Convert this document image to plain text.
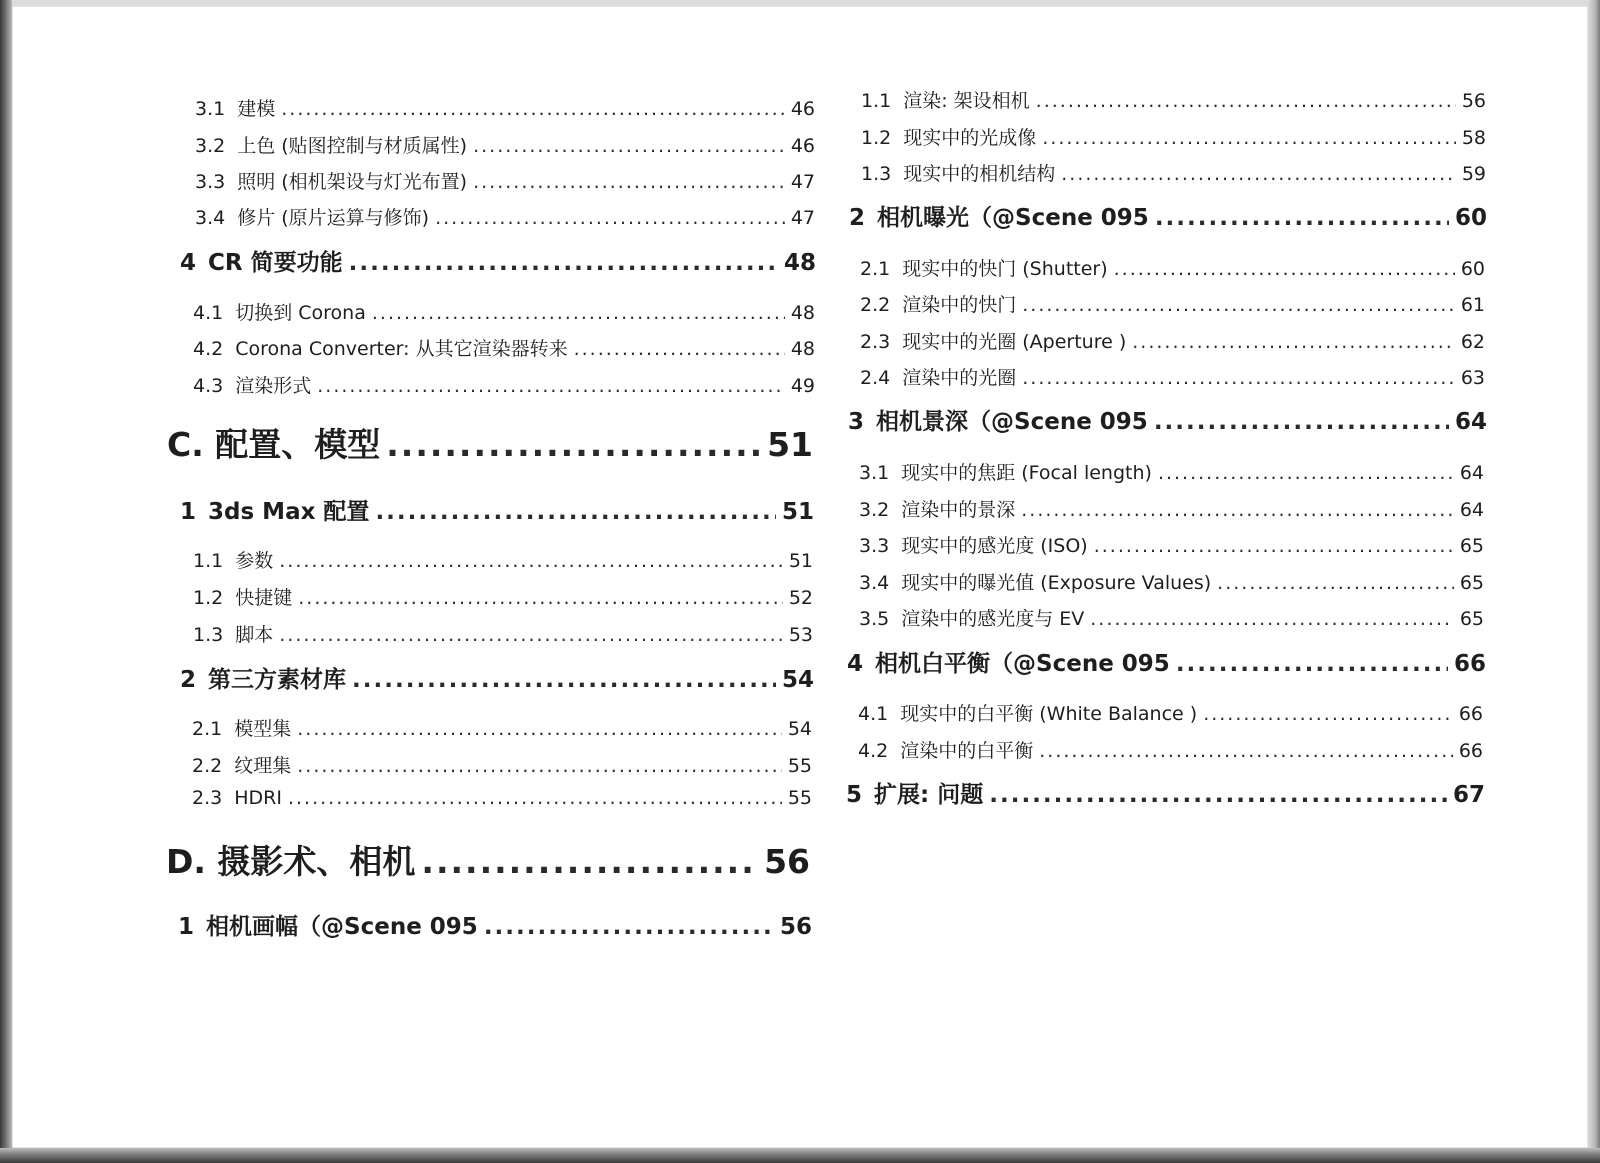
3.1 建模 .....	46
3.2 上色 (贴图控制与材质属性) .....	46
3.3 照明 (相机架设与灯光布置) .....	47
3.4 修片 (原片运算与修饰) .....	47
4 CR 简要功能 .....	48
4.1 切换到 Corona .....	48
4.2 Corona Converter: 从其它渲染器转来 .....	48
4.3 渲染形式 .....	49
C. 配置、模型 .....	51
1 3ds Max 配置 .....	51
1.1 参数 .....	51
1.2 快捷键 .....	52
1.3 脚本 .....	53
2 第三方素材库 .....	54
2.1 模型集 .....	54
2.2 纹理集 .....	55
2.3 HDRI .....	55
D. 摄影术、相机 .....	56
1 相机画幅（@Scene 095 .....	56
1.1 渲染: 架设相机 .....	56
1.2 现实中的光成像 .....	58
1.3 现实中的相机结构 .....	59
2 相机曝光（@Scene 095 .....	60
2.1 现实中的快门 (Shutter) .....	60
2.2 渲染中的快门 .....	61
2.3 现实中的光圈 (Aperture ) .....	62
2.4 渲染中的光圈 .....	63
3 相机景深（@Scene 095 .....	64
3.1 现实中的焦距 (Focal length) .....	64
3.2 渲染中的景深 .....	64
3.3 现实中的感光度 (ISO) .....	65
3.4 现实中的曝光值 (Exposure Values) .....	65
3.5 渲染中的感光度与 EV .....	65
4 相机白平衡（@Scene 095 .....	66
4.1 现实中的白平衡 (White Balance ) .....	66
4.2 渲染中的白平衡 .....	66
5 扩展: 问题 .....	67
